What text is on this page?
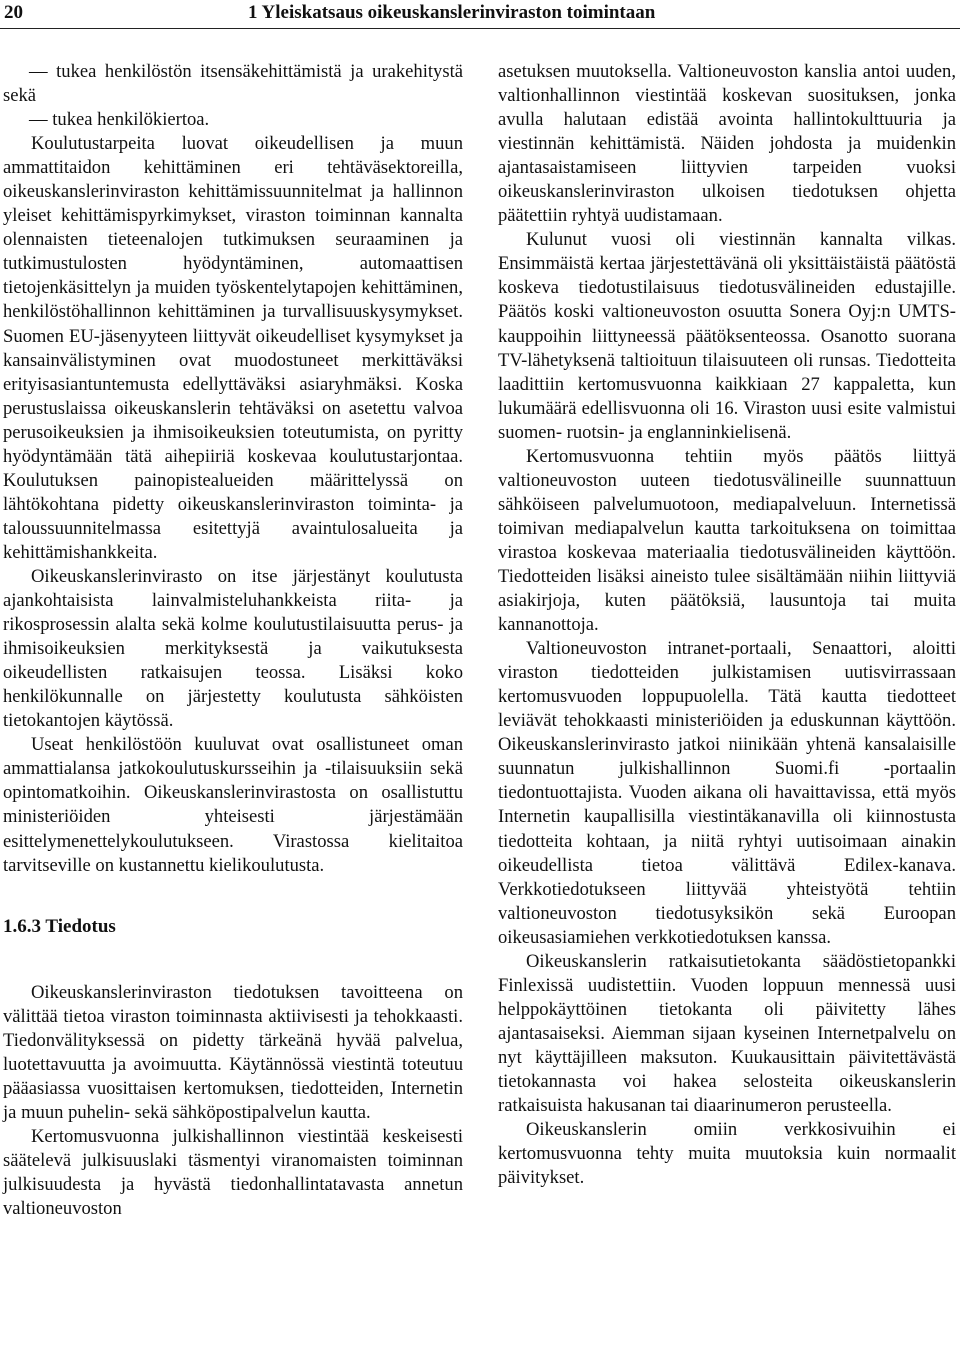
20	1 Yleiskatsaus oikeuskanslerinviraston toimintaan

— tukea henkilöstön itsensäkehittämistä ja urakehitystä sekä

— tukea henkilökiertoa.

Koulutustarpeita luovat oikeudellisen ja muun ammattitaidon kehittäminen eri tehtäväsektoreilla, oikeuskanslerinviraston kehittämissuunnitelmat ja hallinnon yleiset kehittämispyrkimykset, viraston toiminnan kannalta olennaisten tieteenalojen tutkimuksen seuraaminen ja tutkimustulosten hyödyntäminen, automaattisen tietojenkäsittelyn ja muiden työskentelytapojen kehittäminen, henkilöstöhallinnon kehittäminen ja turvallisuuskysymykset. Suomen EU-jäsenyyteen liittyvät oikeudelliset kysymykset ja kansainvälistyminen ovat muodostuneet merkittäväksi erityisasiantuntemusta edellyttäväksi asiaryhmäksi. Koska perustuslaissa oikeuskanslerin tehtäväksi on asetettu valvoa perusoikeuksien ja ihmisoikeuksien toteutumista, on pyritty hyödyntämään tätä aihepiiriä koskevaa koulutustarjontaa. Koulutuksen painopistealueiden määrittelyssä on lähtökohtana pidetty oikeuskanslerinviraston toiminta- ja taloussuunnitelmassa esitettyjä avaintulosalueita ja kehittämishankkeita.

Oikeuskanslerinvirasto on itse järjestänyt koulutusta ajankohtaisista lainvalmisteluhankkeista riita- ja rikosprosessin alalta sekä kolme koulutustilaisuutta perus- ja ihmisoikeuksien merkityksestä ja vaikutuksesta oikeudellisten ratkaisujen teossa. Lisäksi koko henkilökunnalle on järjestetty koulutusta sähköisten tietokantojen käytössä.

Useat henkilöstöön kuuluvat ovat osallistuneet oman ammattialansa jatkokoulutuskursseihin ja -tilaisuuksiin sekä opintomatkoihin. Oikeuskanslerinvirastosta on osallistuttu ministeriöiden yhteisesti järjestämään esittelymenettelykoulutukseen. Virastossa kielitaitoa tarvitseville on kustannettu kielikoulutusta.

1.6.3 Tiedotus

Oikeuskanslerinviraston tiedotuksen tavoitteena on välittää tietoa viraston toiminnasta aktiivisesti ja tehokkaasti. Tiedonvälityksessä on pidetty tärkeänä hyvää palvelua, luotettavuutta ja avoimuutta. Käytännössä viestintä toteutuu pääasiassa vuosittaisen kertomuksen, tiedotteiden, Internetin ja muun puhelin- sekä sähköpostipalvelun kautta.

Kertomusvuonna julkishallinnon viestintää keskeisesti säätelevä julkisuuslaki täsmentyi viranomaisten toiminnan julkisuudesta ja hyvästä tiedonhallintatavasta annetun valtioneuvoston

asetuksen muutoksella. Valtioneuvoston kanslia antoi uuden, valtionhallinnon viestintää koskevan suosituksen, jonka avulla halutaan edistää avointa hallintokulttuuria ja viestinnän kehittämistä. Näiden johdosta ja muidenkin ajantasaistamiseen liittyvien tarpeiden vuoksi oikeuskanslerinviraston ulkoisen tiedotuksen ohjetta päätettiin ryhtyä uudistamaan.

Kulunut vuosi oli viestinnän kannalta vilkas. Ensimmäistä kertaa järjestettävänä oli yksittäistäistä päätöstä koskeva tiedotustilaisuus tiedotusvälineiden edustajille. Päätös koski valtioneuvoston osuutta Sonera Oyj:n UMTS-kauppoihin liittyneessä päätöksenteossa. Osanotto suorana TV-lähetyksenä taltioituun tilaisuuteen oli runsas. Tiedotteita laadittiin kertomusvuonna kaikkiaan 27 kappaletta, kun lukumäärä edellisvuonna oli 16. Viraston uusi esite valmistui suomen- ruotsin- ja englanninkielisenä.

Kertomusvuonna tehtiin myös päätös liittyä valtioneuvoston uuteen tiedotusvälineille suunnattuun sähköiseen palvelumuotoon, mediapalveluun. Internetissä toimivan mediapalvelun kautta tarkoituksena on toimittaa virastoa koskevaa materiaalia tiedotusvälineiden käyttöön. Tiedotteiden lisäksi aineisto tulee sisältämään niihin liittyviä asiakirjoja, kuten päätöksiä, lausuntoja tai muita kannanottoja.

Valtioneuvoston intranet-portaali, Senaattori, aloitti viraston tiedotteiden julkistamisen uutisvirrassaan kertomusvuoden loppupuolella. Tätä kautta tiedotteet leviävät tehokkaasti ministeriöiden ja eduskunnan käyttöön. Oikeuskanslerinvirasto jatkoi niinikään yhtenä kansalaisille suunnatun julkishallinnon Suomi.fi -portaalin tiedontuottajista. Vuoden aikana oli havaittavissa, että myös Internetin kaupallisilla viestintäkanavilla oli kiinnostusta tiedotteita kohtaan, ja niitä ryhtyi uutisoimaan ainakin oikeudellista tietoa välittävä Edilex-kanava. Verkkotiedotukseen liittyvää yhteistyötä tehtiin valtioneuvoston tiedotusyksikön sekä Euroopan oikeusasiamiehen verkkotiedotuksen kanssa.

Oikeuskanslerin ratkaisutietokanta säädöstietopankki Finlexissä uudistettiin. Vuoden loppuun mennessä uusi helppokäyttöinen tietokanta oli päivitetty lähes ajantasaiseksi. Aiemman sijaan kyseinen Internetpalvelu on nyt käyttäjilleen maksuton. Kuukausittain päivitettävästä tietokannasta voi hakea selosteita oikeuskanslerin ratkaisuista hakusanan tai diaarinumeron perusteella.

Oikeuskanslerin omiin verkkosivuihin ei kertomusvuonna tehty muita muutoksia kuin normaalit päivitykset.
